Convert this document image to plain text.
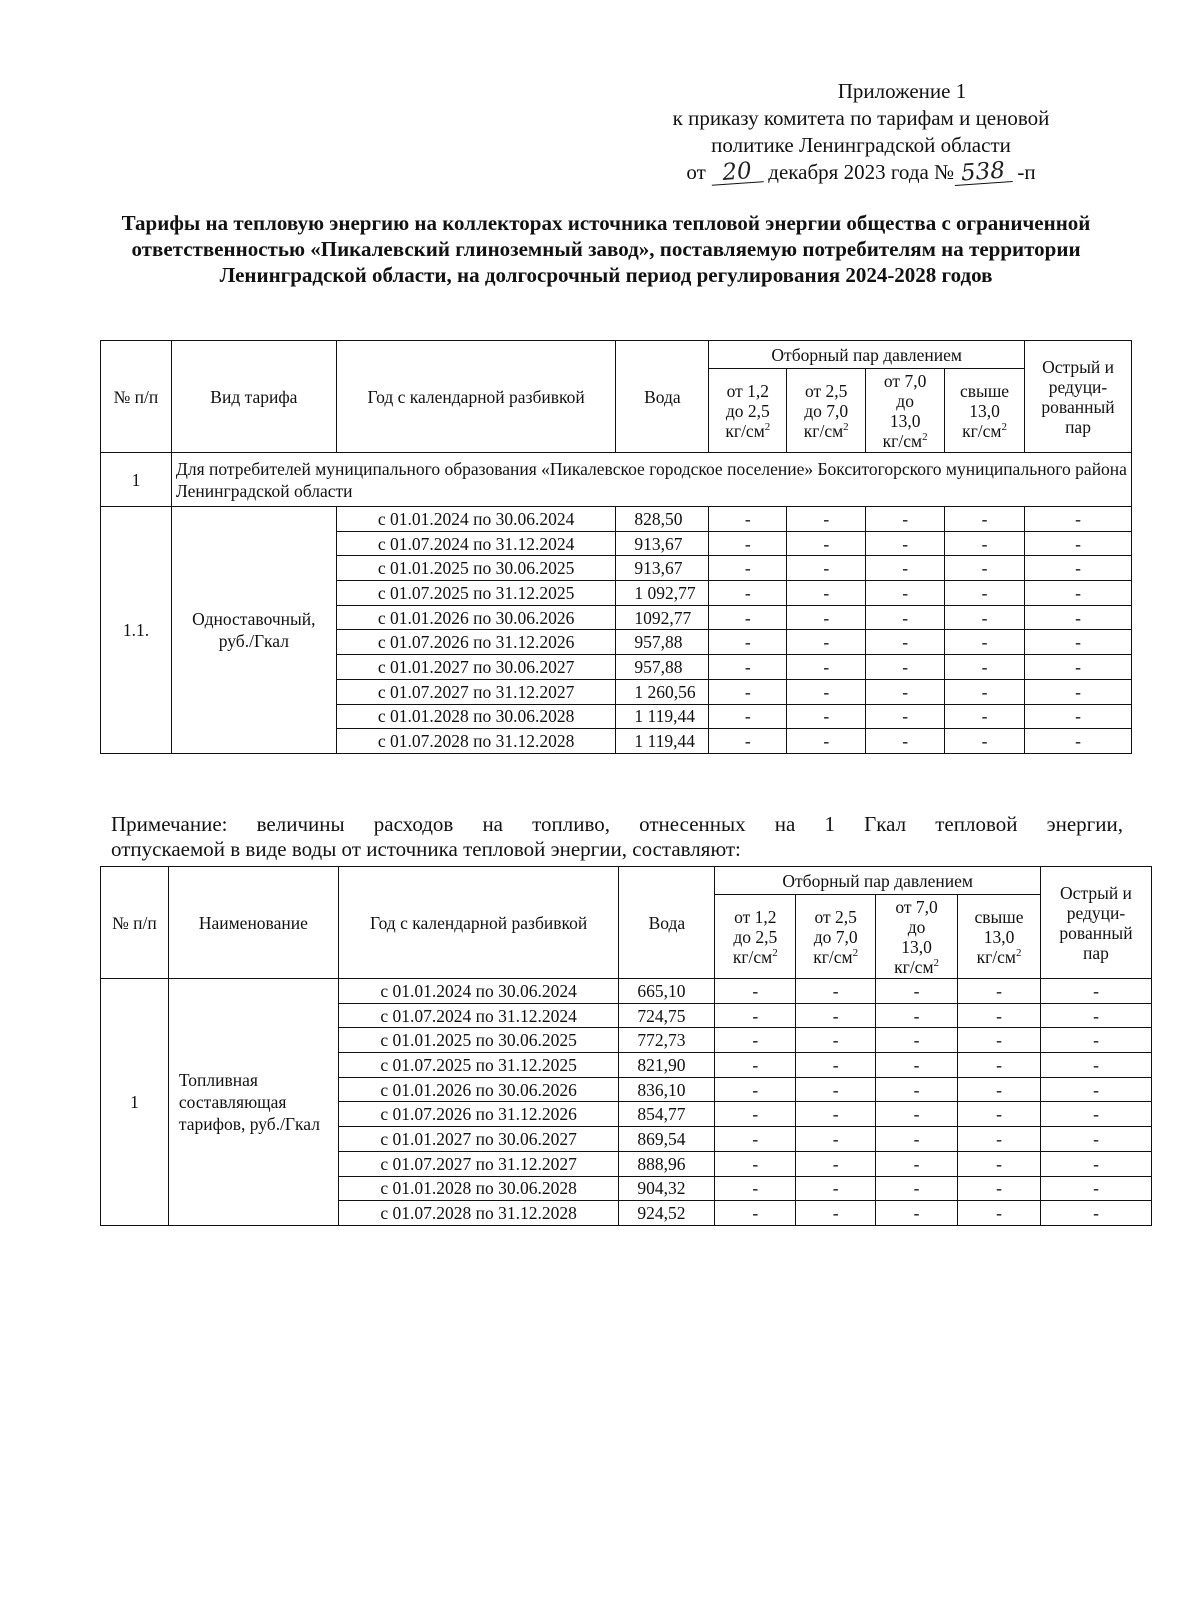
Приложение 1
к приказу комитета по тарифам и ценовой
политике Ленинградской области
от 20 декабря 2023 года № 538 -п
Тарифы на тепловую энергию на коллекторах источника тепловой энергии общества с ограниченной ответственностью «Пикалевский глиноземный завод», поставляемую потребителям на территории Ленинградской области, на долгосрочный период регулирования 2024-2028 годов
№ п/п	Вид тарифа	Год с календарной разбивкой	Вода	Отборный пар давлением				Острый и редуци-рованный пар
				от 1,2
до 2,5
$кг/см^2$	от 2,5
до 7,0
$кг/см^2$	от 7,0
до
13,0
$кг/см^2$	свыше
13,0
$кг/см^2$
1	Для потребителей муниципального образования «Пикалевское городское поселение» Бокситогорского муниципального района Ленинградской области							
1.1.	Одноставочный, руб./Гкал	с 01.01.2024 по 30.06.2024	828,50	-	-	-	-	-
		с 01.07.2024 по 31.12.2024	913,67	-	-	-	-	-
		с 01.01.2025 по 30.06.2025	913,67	-	-	-	-	-
		с 01.07.2025 по 31.12.2025	1 092,77	-	-	-	-	-
		с 01.01.2026 по 30.06.2026	1092,77	-	-	-	-	-
		с 01.07.2026 по 31.12.2026	957,88	-	-	-	-	-
		с 01.01.2027 по 30.06.2027	957,88	-	-	-	-	-
		с 01.07.2027 по 31.12.2027	1 260,56	-	-	-	-	-
		с 01.01.2028 по 30.06.2028	1 119,44	-	-	-	-	-
		с 01.07.2028 по 31.12.2028	1 119,44	-	-	-	-	-
Примечание: величины расходов на топливо, отнесенных на 1 Гкал тепловой энергии,
отпускаемой в виде воды от источника тепловой энергии, составляют:
№ п/п	Наименование	Год с календарной разбивкой	Вода	Отборный пар давлением				Острый и редуци-рованный пар
				от 1,2
до 2,5
$кг/см^2$	от 2,5
до 7,0
$кг/см^2$	от 7,0
до
13,0
$кг/см^2$	свыше
13,0
$кг/см^2$
1	Топливная составляющая тарифов, руб./Гкал	с 01.01.2024 по 30.06.2024	665,10	-	-	-	-	-
		с 01.07.2024 по 31.12.2024	724,75	-	-	-	-	-
		с 01.01.2025 по 30.06.2025	772,73	-	-	-	-	-
		с 01.07.2025 по 31.12.2025	821,90	-	-	-	-	-
		с 01.01.2026 по 30.06.2026	836,10	-	-	-	-	-
		с 01.07.2026 по 31.12.2026	854,77	-	-	-	-	-
		с 01.01.2027 по 30.06.2027	869,54	-	-	-	-	-
		с 01.07.2027 по 31.12.2027	888,96	-	-	-	-	-
		с 01.01.2028 по 30.06.2028	904,32	-	-	-	-	-
		с 01.07.2028 по 31.12.2028	924,52	-	-	-	-	-
